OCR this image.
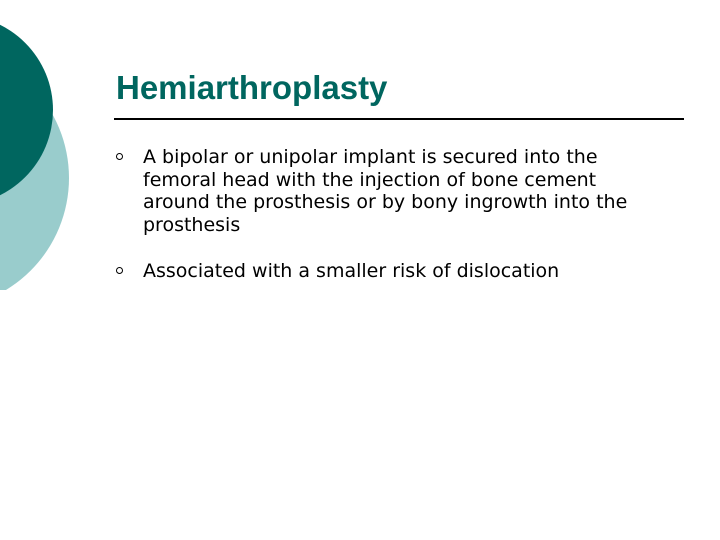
Hemiarthroplasty
A bipolar or unipolar implant is secured into the femoral head with the injection of bone cement around the prosthesis or by bony ingrowth into the prosthesis
Associated with a smaller risk of dislocation
